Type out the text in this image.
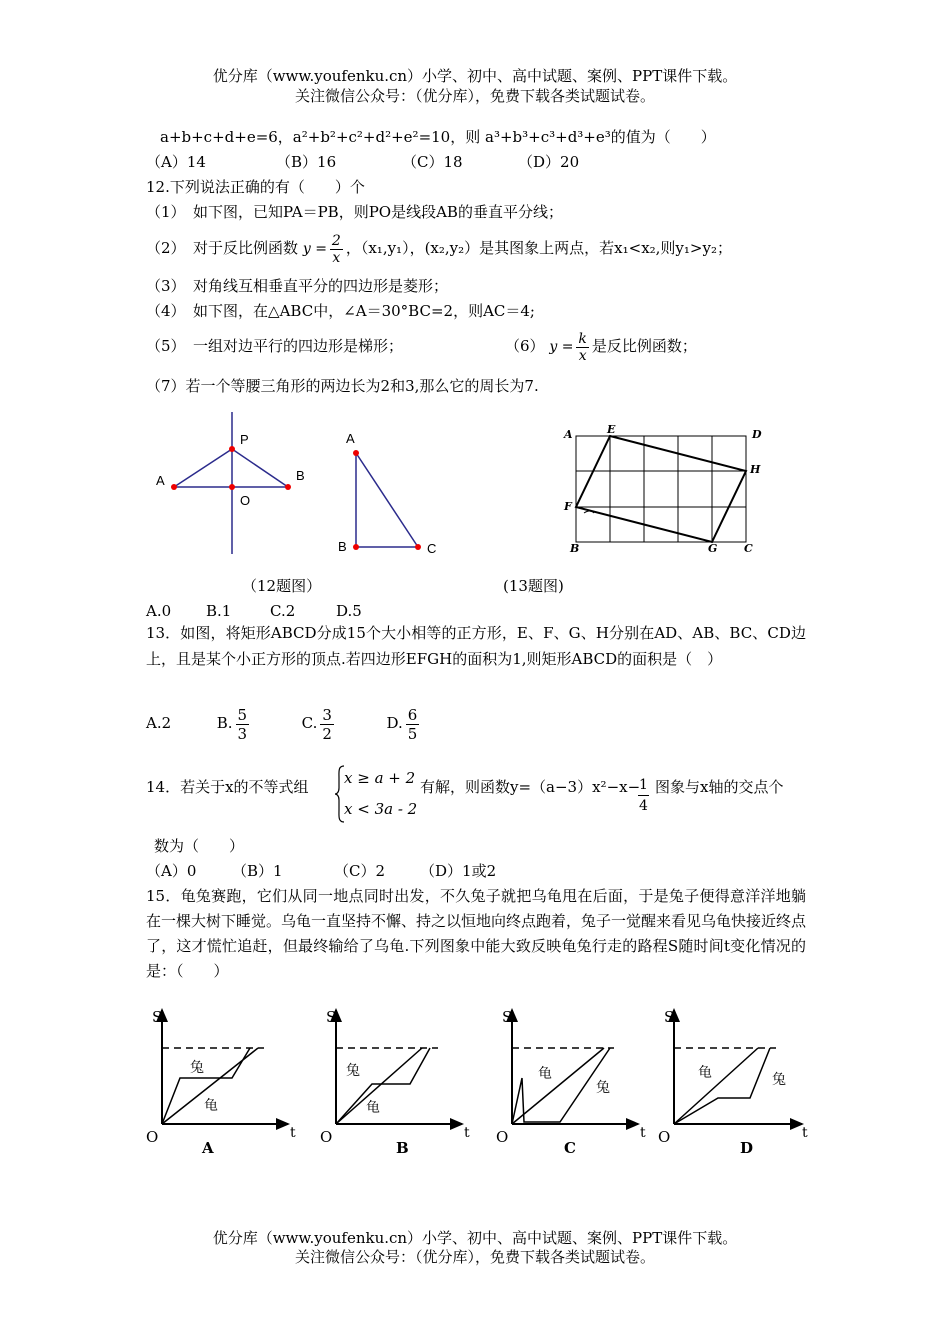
优分库（www.youfenku.cn）小学、初中、高中试题、案例、PPT课件下载。
关注微信公众号：（优分库），免费下载各类试题试卷。
a+b+c+d+e=6，a²+b²+c²+d²+e²=10，则 a³+b³+c³+d³+e³的值为（　　）
（A）14	（B）16	（C）18	（D）20
12.下列说法正确的有（　　）个
（1）　如下图，已知PA＝PB，则PO是线段AB的垂直平分线；
（2）　对于反比例函数 $y = \frac{2}{x}$ ，（x₁,y₁），(x₂,y₂）是其图象上两点，若x₁<x₂,则y₁>y₂；
（3）　对角线互相垂直平分的四边形是菱形；
（4）　如下图，在△ABC中，∠A＝30°BC=2，则AC＝4;
（5）　一组对边平行的四边形是梯形；	（6） $y = \frac{k}{x}$ 是反比例函数；
（7）若一个等腰三角形的两边长为2和3,那么它的周长为7.
P
A	B
O
A
B	C
A	E	D
H
F
B	G C
（12题图）	(13题图)
A.0 B.1	C.2	D.5
13．如图，将矩形ABCD分成15个大小相等的正方形，E、F、G、H分别在AD、AB、BC、CD边上，且是某个小正方形的顶点.若四边形EFGH的面积为1,则矩形ABCD的面积是（　）
A.2	B. $\frac{5}{3}$	C. $\frac{3}{2}$	D. $\frac{6}{5}$
14．若关于x的不等式组 x ≥ a + 2
x < 3a - 2
有解，则函数y=（a−3）x²−x−
$\frac{1}{4}$ 图象与x轴的交点个
数为（　　）
（A）0 （B）1	（C）2 （D）1或2
15．龟兔赛跑，它们从同一地点同时出发，不久兔子就把乌龟甩在后面，于是兔子便得意洋洋地躺在一棵大树下睡觉。乌龟一直坚持不懈、持之以恒地向终点跑着，兔子一觉醒来看见乌龟快接近终点了，这才慌忙追赶，但最终输给了乌龟.下列图象中能大致反映龟兔行走的路程S随时间t变化情况的是：（　　）
S
t
O
兔
龟
A
S
t
O
兔
龟
B
S
t
O
龟
兔
C
S
t
O
龟	兔
D
优分库（www.youfenku.cn）小学、初中、高中试题、案例、PPT课件下载。
关注微信公众号：（优分库），免费下载各类试题试卷。
